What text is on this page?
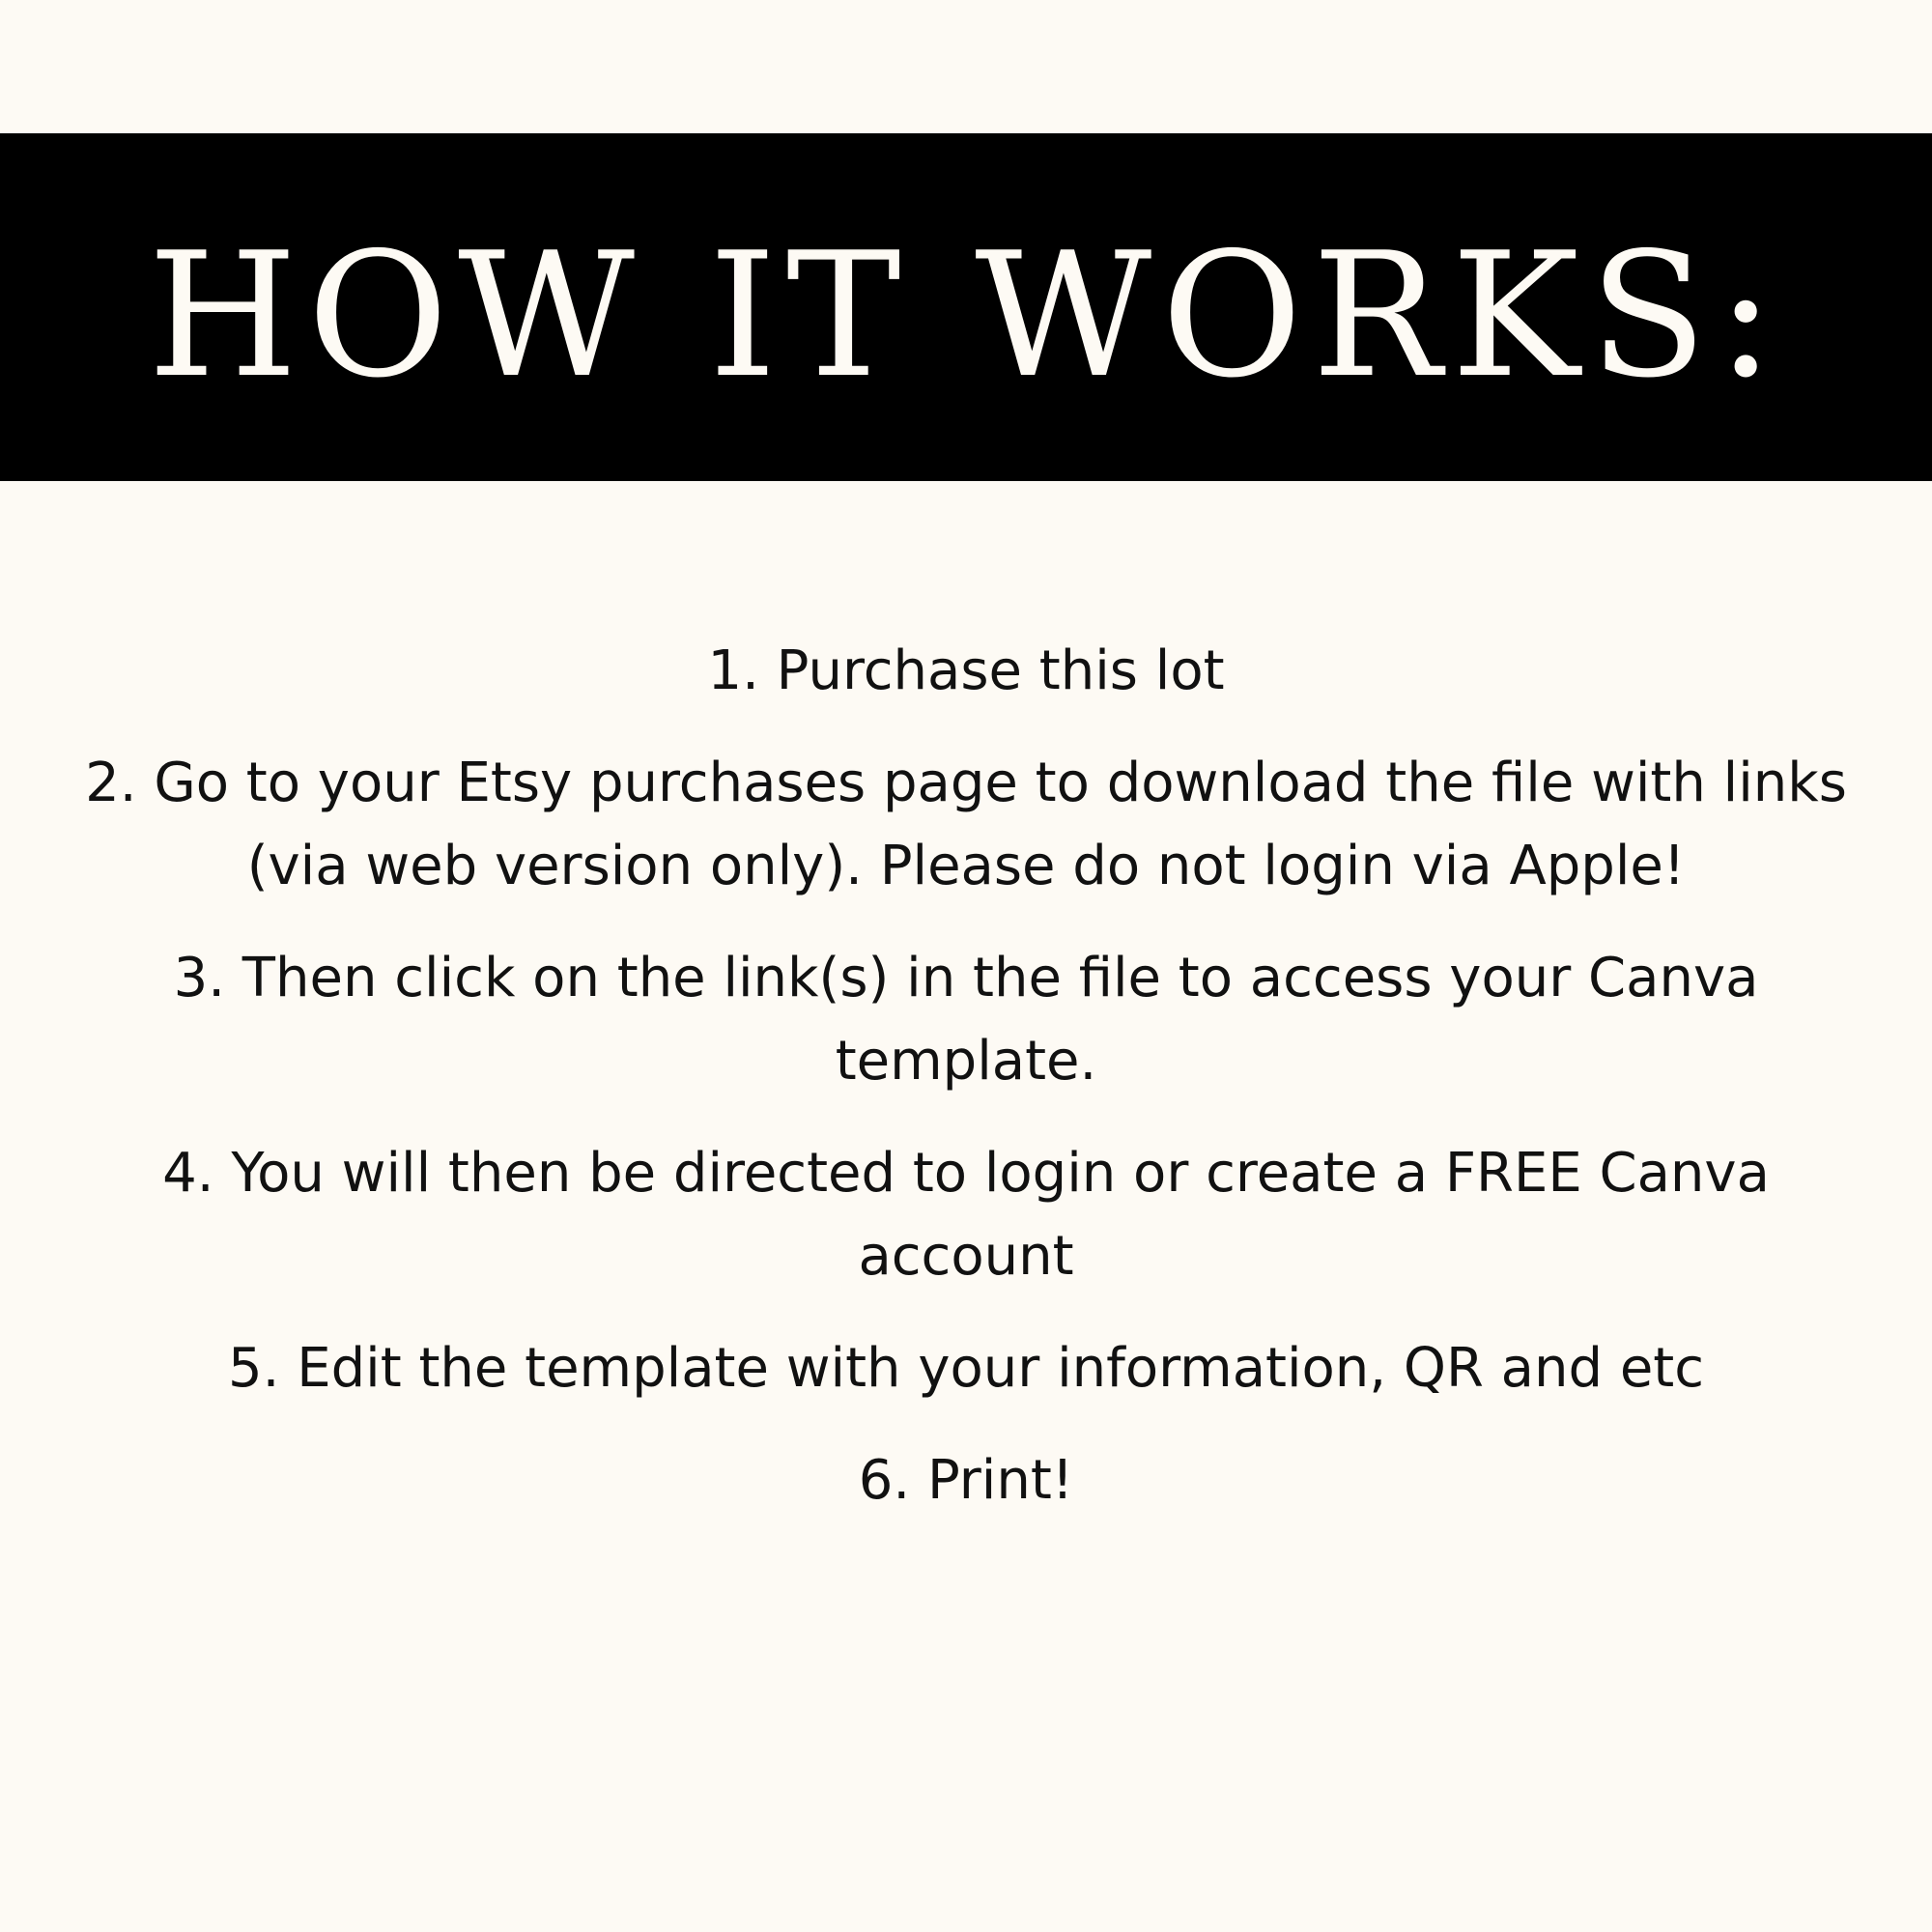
HOW IT WORKS:
1. Purchase this lot
2. Go to your Etsy purchases page to download the file with links (via web version only). Please do not login via Apple!
3. Then click on the link(s) in the file to access your Canva template.
4. You will then be directed to login or create a FREE Canva account
5. Edit the template with your information, QR and etc
6. Print!
